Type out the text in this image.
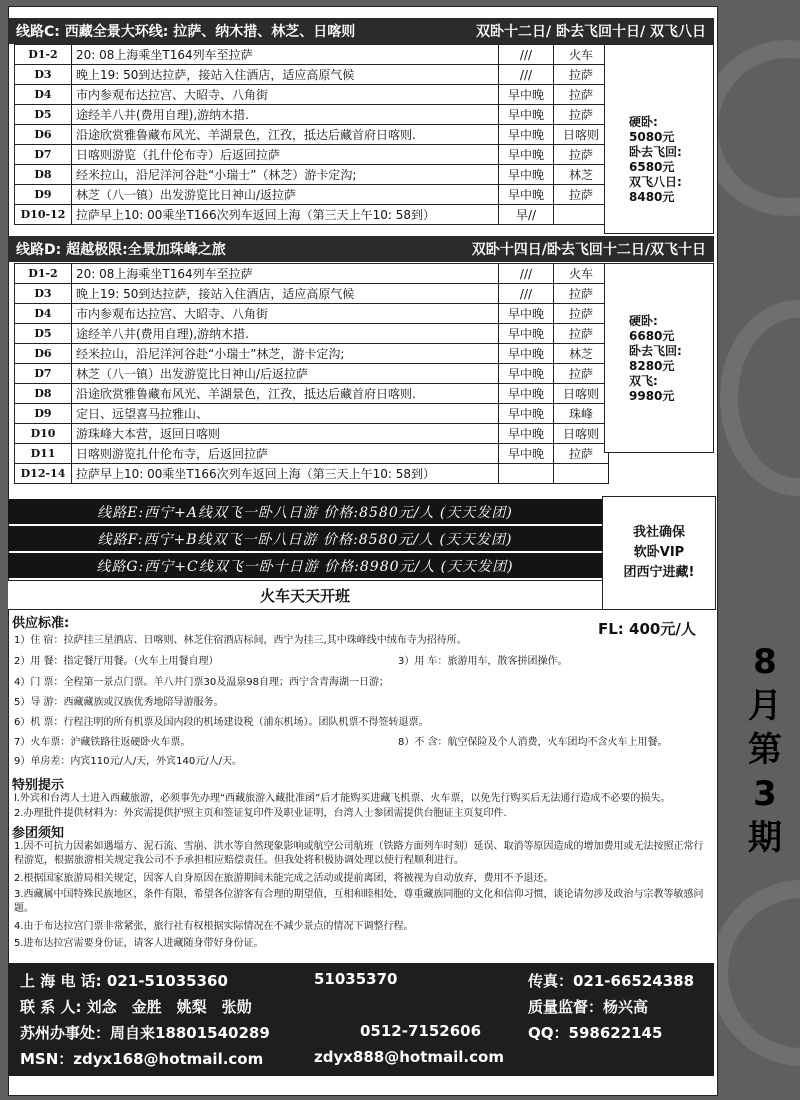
线路C: 西藏全景大环线: 拉萨、纳木措、林芝、日喀则	双卧十二日/ 卧去飞回十日/ 双飞八日
D1-2	20: 08上海乘坐T164列车至拉萨	///	火车
D3	晚上19: 50到达拉萨，接站入住酒店，适应高原气候	///	拉萨
D4	市内参观布达拉宫、大昭寺、八角街	早中晚	拉萨
D5	途经羊八井(费用自理),游纳木措.	早中晚	拉萨
D6	沿途欣赏雅鲁藏布风光、羊湖景色，江孜，抵达后藏首府日喀则.	早中晚	日喀则
D7	日喀则游览（扎什伦布寺）后返回拉萨	早中晚	拉萨
D8	经米拉山，沿尼洋河谷赴“小瑞士”（林芝）游卡定沟;	早中晚	林芝
D9	林芝（八一镇）出发游览比日神山/返拉萨	早中晚	拉萨
D10-12	拉萨早上10: 00乘坐T166次列车返回上海（第三天上午10: 58到）	早//	
硬卧:
5080元
卧去飞回:
6580元
双飞八日:
8480元
线路D: 超越极限:全景加珠峰之旅	双卧十四日/卧去飞回十二日/双飞十日
D1-2	20: 08上海乘坐T164列车至拉萨	///	火车
D3	晚上19: 50到达拉萨，接站入住酒店，适应高原气候	///	拉萨
D4	市内参观布达拉宫、大昭寺、八角街	早中晚	拉萨
D5	途经羊八井(费用自理),游纳木措.	早中晚	拉萨
D6	经米拉山，沿尼洋河谷赴“小瑞士”林芝，游卡定沟;	早中晚	林芝
D7	林芝（八一镇）出发游览比日神山/后返拉萨	早中晚	拉萨
D8	沿途欣赏雅鲁藏布风光、羊湖景色，江孜，抵达后藏首府日喀则.	早中晚	日喀则
D9	定日、远望喜马拉雅山、	早中晚	珠峰
D10	游珠峰大本营，返回日喀则	早中晚	日喀则
D11	日喀则游览扎什伦布寺，后返回拉萨	早中晚	拉萨
D12-14	拉萨早上10: 00乘坐T166次列车返回上海（第三天上午10: 58到）		
硬卧:
6680元
卧去飞回:
8280元
双飞:
9980元
线路E:西宁+A线双飞一卧八日游 价格:8580元/人 (天天发团)
线路F:西宁+B线双飞一卧八日游 价格:8580元/人 (天天发团)
线路G:西宁+C线双飞一卧十日游 价格:8980元/人 (天天发团)
我社确保
软卧VIP
团西宁进藏!
火车天天开班
供应标准:	FL: 400元/人
1）住 宿：拉萨挂三星酒店、日喀则、林芝住宿酒店标间，西宁为挂三,其中珠峰线中绒布寺为招待所。
2）用 餐：指定餐厅用餐。（火车上用餐自理）	3）用 车：旅游用车，散客拼团操作。
4）门 票：全程第一景点门票。羊八井门票30及温泉98自理；西宁含青海湖一日游；
5）导 游：西藏藏族或汉族优秀地陪导游服务。
6）机 票：行程注明的所有机票及国内段的机场建设税（浦东机场）。团队机票不得签转退票。
7）火车票：沪藏铁路往返硬卧火车票。	8）不 含：航空保险及个人消费，火车团均不含火车上用餐。
9）单房差：内宾110元/人/天，外宾140元/人/天。
特别提示
l.外宾和台湾人士进入西藏旅游，必须事先办理“西藏旅游入藏批准函”后才能购买进藏飞机票、火车票，以免先行购买后无法通行造成不必要的损失。
2.办理批件提供材料为：外宾需提供护照主页和签证复印件及职业证明，台湾人士参团需提供台胞证主页复印件.
参团须知
1.因不可抗力因素如遇塌方、泥石流、雪崩、洪水等自然现象影响或航空公司航班（铁路方面列车时刻）延误、取消等原因造成的增加费用或无法按照正常行程游览，根据旅游相关规定我公司不予承担相应赔偿责任。但我处将积极协调处理以使行程顺利进行。
2.根据国家旅游局相关规定，因客人自身原因在旅游期间未能完成之活动或提前离团，将被视为自动放弃，费用不予退还。
3.西藏属中国特殊民族地区，条件有限，希望各位游客有合理的期望值，互相和睦相处，尊重藏族同胞的文化和信仰习惯，谈论请勿涉及政治与宗教等敏感问题。
4.由于布达拉宫门票非常紧张，旅行社有权根据实际情况在不减少景点的情况下调整行程。
5.进布达拉宫需要身份证，请客人进藏随身带好身份证。
上 海 电 话: 021-51035360	51035370	传真：021-66524388
联 系 人: 刘念　金胜　姚梨　张勋	质量监督：杨兴高
苏州办事处：周自来18801540289	0512-7152606	QQ：598622145
MSN：zdyx168@hotmail.com	zdyx888@hotmail.com
8
月
第
3
期
